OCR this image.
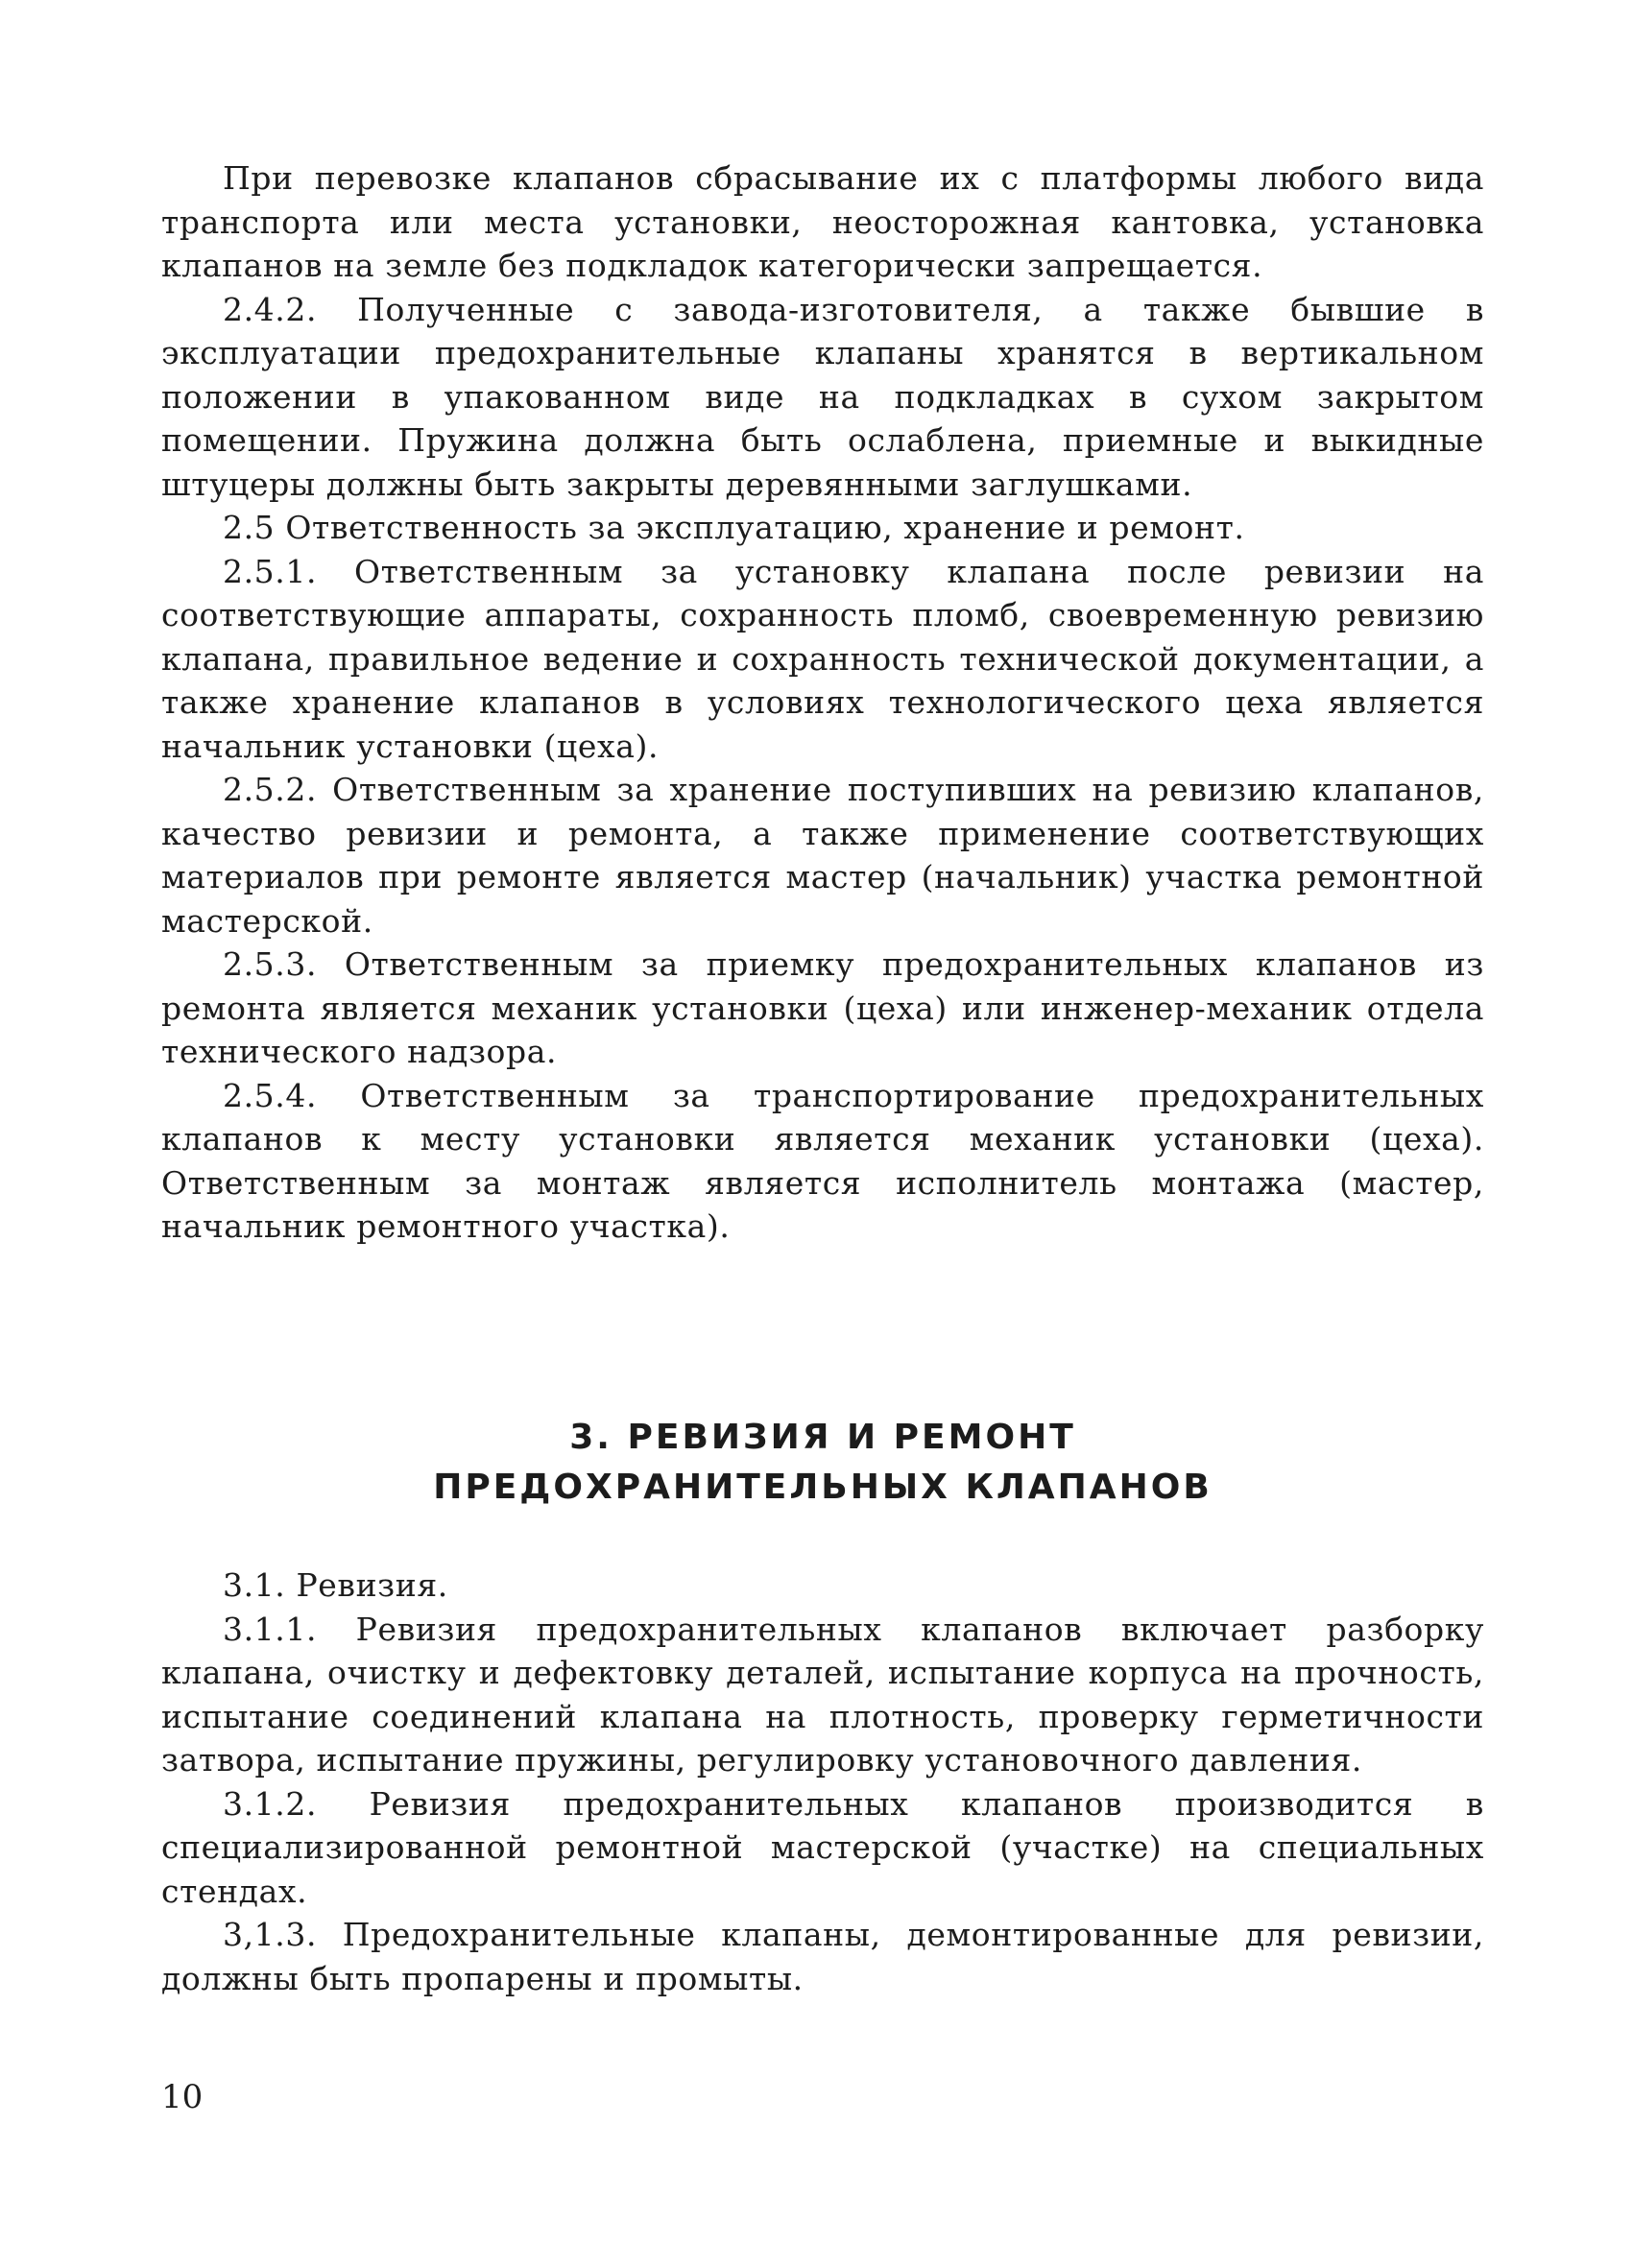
При перевозке клапанов сбрасывание их с платформы любого вида транспорта или места установки, неосторожная кантовка, установка клапанов на земле без подкладок категорически запрещается.

2.4.2. Полученные с завода-изготовителя, а также бывшие в эксплуатации предохранительные клапаны хранятся в вертикальном положении в упакованном виде на подкладках в сухом закрытом помещении. Пружина должна быть ослаблена, приемные и выкидные штуцеры должны быть закрыты деревянными заглушками.

2.5 Ответственность за эксплуатацию, хранение и ремонт.

2.5.1. Ответственным за установку клапана после ревизии на соответствующие аппараты, сохранность пломб, своевременную ревизию клапана, правильное ведение и сохранность технической документации, а также хранение клапанов в условиях технологического цеха является начальник установки (цеха).

2.5.2. Ответственным за хранение поступивших на ревизию клапанов, качество ревизии и ремонта, а также применение соответствующих материалов при ремонте является мастер (начальник) участка ремонтной мастерской.

2.5.3. Ответственным за приемку предохранительных клапанов из ремонта является механик установки (цеха) или инженер-механик отдела технического надзора.

2.5.4. Ответственным за транспортирование предохранительных клапанов к месту установки является механик установки (цеха). Ответственным за монтаж является исполнитель монтажа (мастер, начальник ремонтного участка).

3. РЕВИЗИЯ И РЕМОНТ
ПРЕДОХРАНИТЕЛЬНЫХ КЛАПАНОВ

3.1. Ревизия.

3.1.1. Ревизия предохранительных клапанов включает разборку клапана, очистку и дефектовку деталей, испытание корпуса на прочность, испытание соединений клапана на плотность, проверку герметичности затвора, испытание пружины, регулировку установочного давления.

3.1.2. Ревизия предохранительных клапанов производится в специализированной ремонтной мастерской (участке) на специальных стендах.

3,1.3. Предохранительные клапаны, демонтированные для ревизии, должны быть пропарены и промыты.

10
